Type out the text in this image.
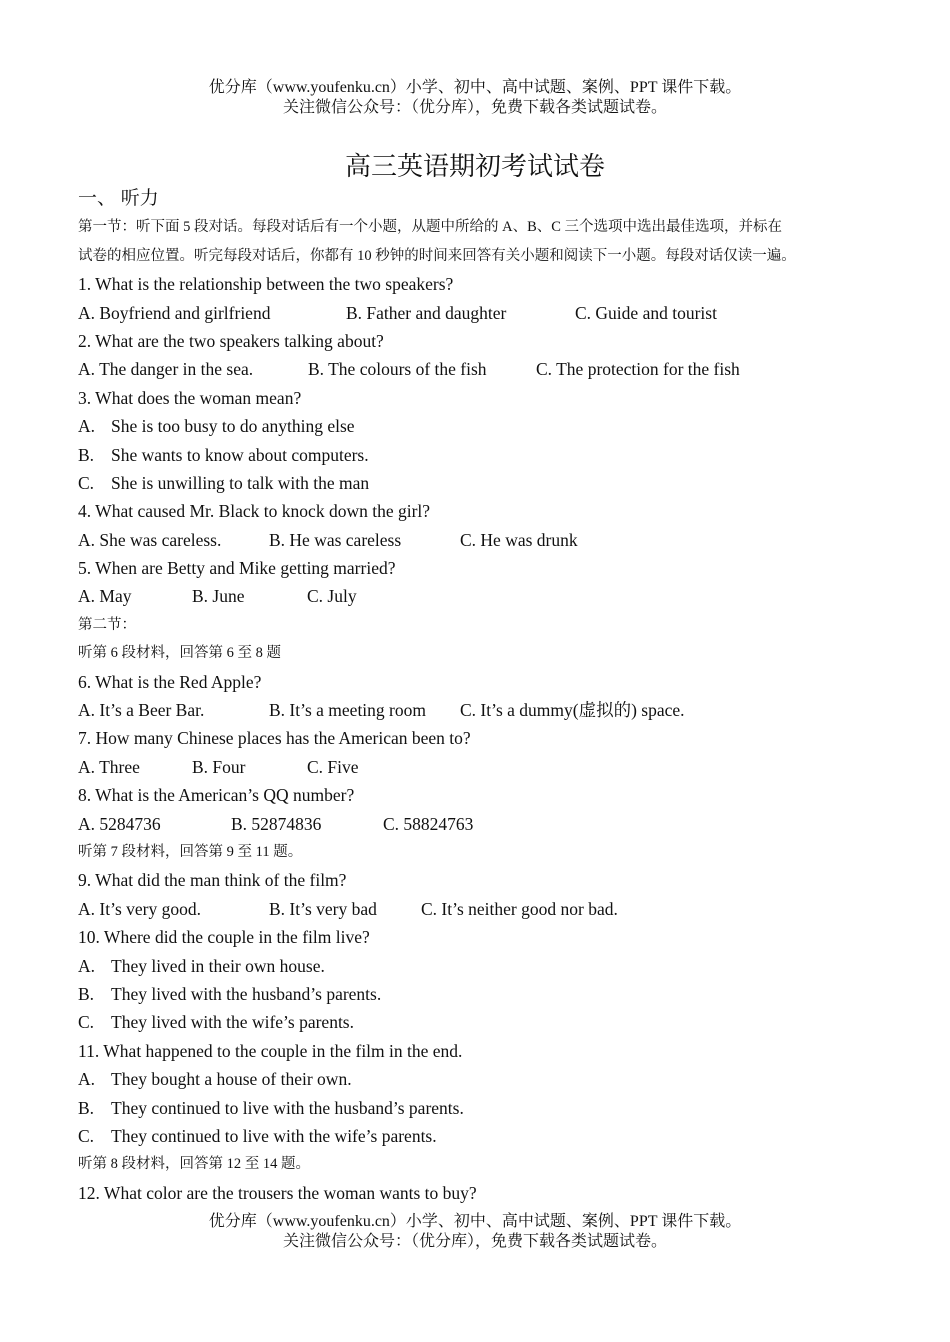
优分库（www.youfenku.cn）小学、初中、高中试题、案例、PPT 课件下载。
关注微信公众号：（优分库），免费下载各类试题试卷。
高三英语期初考试试卷
一、 听力
第一节：听下面 5 段对话。每段对话后有一个小题，从题中所给的 A、B、C 三个选项中选出最佳选项，并标在
试卷的相应位置。听完每段对话后，你都有 10 秒钟的时间来回答有关小题和阅读下一小题。每段对话仅读一遍。
1. What is the relationship between the two speakers?
A. Boyfriend and girlfriend	B. Father and daughter	C. Guide and tourist
2. What are the two speakers talking about?
A. The danger in the sea.	B. The colours of the fish	C. The protection for the fish
3. What does the woman mean?
A. She is too busy to do anything else
B. She wants to know about computers.
C. She is unwilling to talk with the man
4. What caused Mr. Black to knock down the girl?
A. She was careless.	B. He was careless	C. He was drunk
5. When are Betty and Mike getting married?
A. May	B. June	C. July
第二节：
听第 6 段材料，回答第 6 至 8 题
6. What is the Red Apple?
A. It’s a Beer Bar.	B. It’s a meeting room C. It’s a dummy(虚拟的) space.
7. How many Chinese places has the American been to?
A. Three	B. Four	C. Five
8. What is the American’s QQ number?
A. 5284736	B. 52874836	C. 58824763
听第 7 段材料，回答第 9 至 11 题。
9. What did the man think of the film?
A. It’s very good.	B. It’s very bad	C. It’s neither good nor bad.
10. Where did the couple in the film live?
A. They lived in their own house.
B. They lived with the husband’s parents.
C. They lived with the wife’s parents.
11. What happened to the couple in the film in the end.
A. They bought a house of their own.
B. They continued to live with the husband’s parents.
C. They continued to live with the wife’s parents.
听第 8 段材料，回答第 12 至 14 题。
12. What color are the trousers the woman wants to buy?
优分库（www.youfenku.cn）小学、初中、高中试题、案例、PPT 课件下载。
关注微信公众号：（优分库），免费下载各类试题试卷。
